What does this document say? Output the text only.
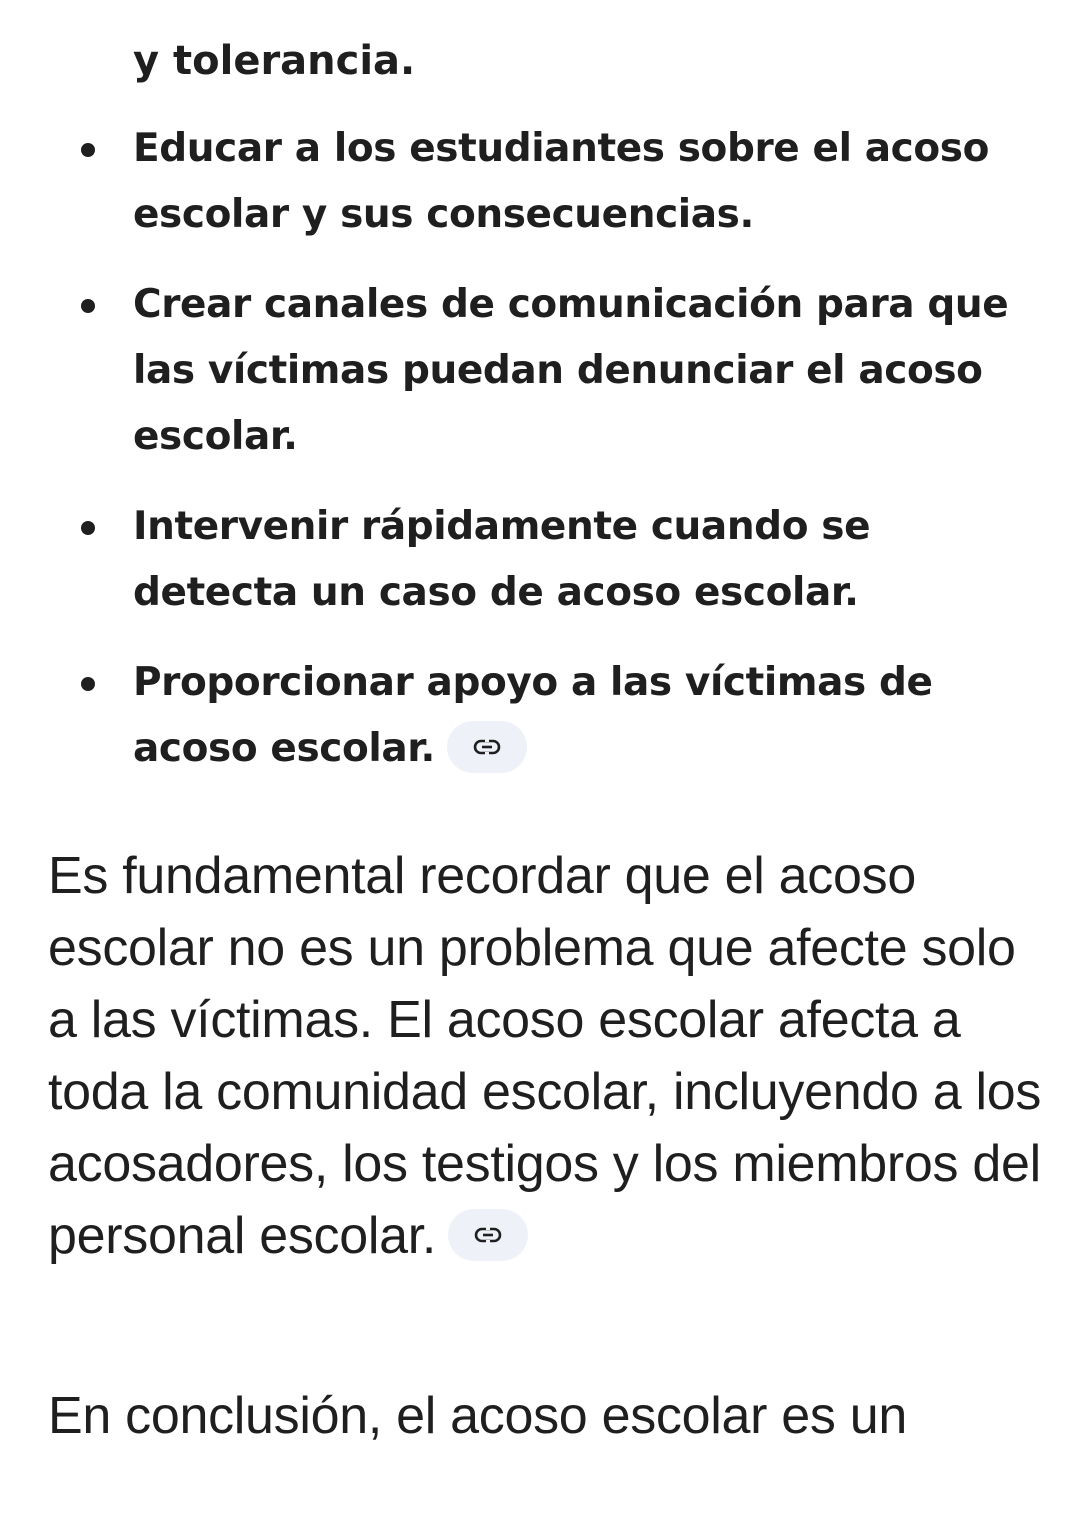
y tolerancia.

Educar a los estudiantes sobre el acoso escolar y sus consecuencias.
Crear canales de comunicación para que las víctimas puedan denunciar el acoso escolar.
Intervenir rápidamente cuando se detecta un caso de acoso escolar.
Proporcionar apoyo a las víctimas de acoso escolar.

Es fundamental recordar que el acoso escolar no es un problema que afecte solo a las víctimas. El acoso escolar afecta a toda la comunidad escolar, incluyendo a los acosadores, los testigos y los miembros del personal escolar.

En conclusión, el acoso escolar es un
